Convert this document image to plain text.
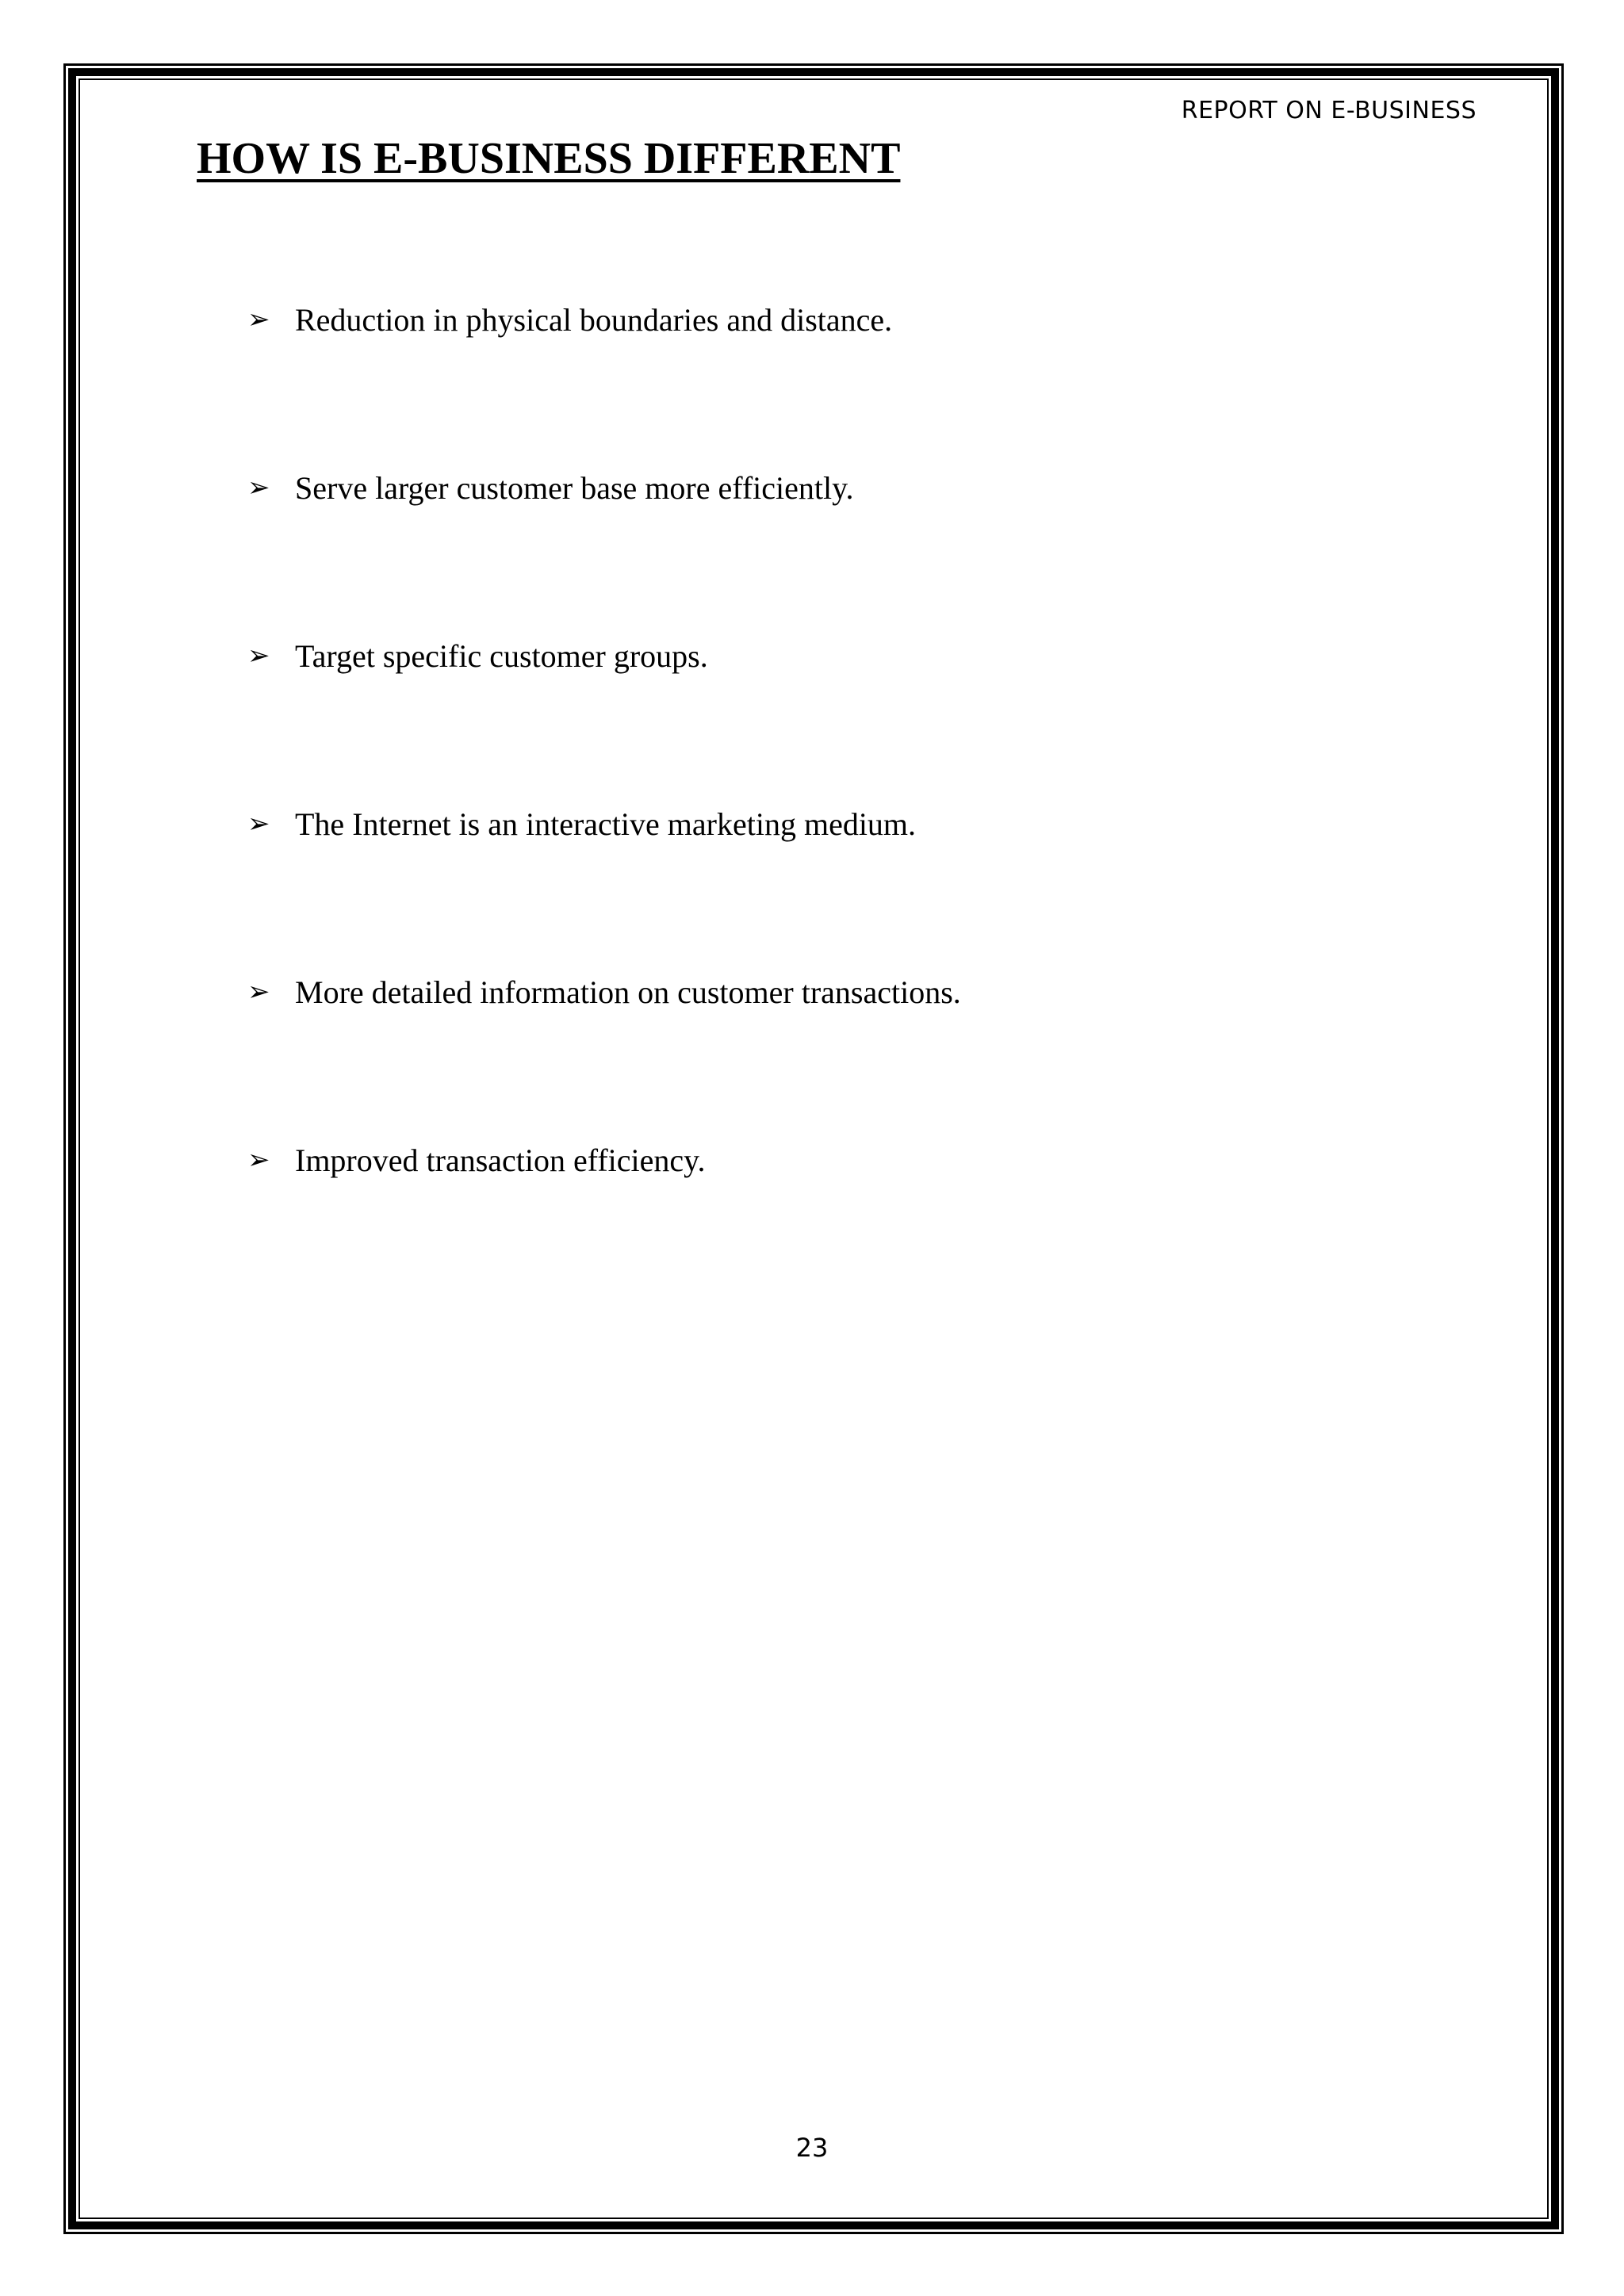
REPORT ON E-BUSINESS
HOW IS E-BUSINESS DIFFERENT
➢ Reduction in physical boundaries and distance.
➢ Serve larger customer base more efficiently.
➢ Target specific customer groups.
➢ The Internet is an interactive marketing medium.
➢ More detailed information on customer transactions.
➢ Improved transaction efficiency.
23
